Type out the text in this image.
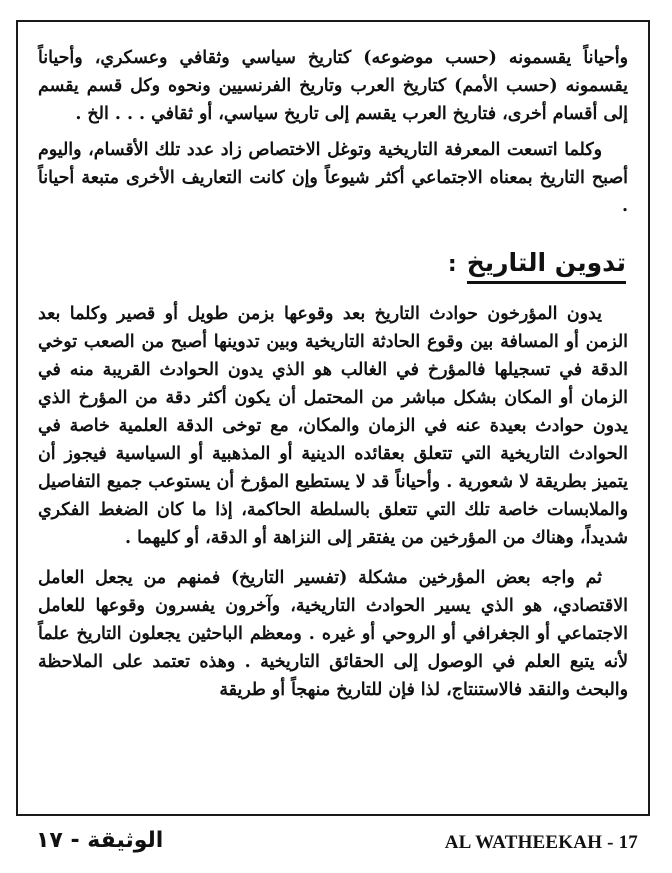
وأحياناً يقسمونه (حسب موضوعه) كتاريخ سياسي وثقافي وعسكري، وأحياناً يقسمونه (حسب الأمم) كتاريخ العرب وتاريخ الفرنسيين ونحوه وكل قسم يقسم إلى أقسام أخرى، فتاريخ العرب يقسم إلى تاريخ سياسي، أو ثقافي . . . الخ .

وكلما اتسعت المعرفة التاريخية وتوغل الاختصاص زاد عدد تلك الأقسام، واليوم أصبح التاريخ بمعناه الاجتماعي أكثر شيوعاً وإن كانت التعاريف الأخرى متبعة أحياناً .

تدوين التاريخ:

يدون المؤرخون حوادث التاريخ بعد وقوعها بزمن طويل أو قصير وكلما بعد الزمن أو المسافة بين وقوع الحادثة التاريخية وبين تدوينها أصبح من الصعب توخي الدقة في تسجيلها فالمؤرخ في الغالب هو الذي يدون الحوادث القريبة منه في الزمان أو المكان بشكل مباشر من المحتمل أن يكون أكثر دقة من المؤرخ الذي يدون حوادث بعيدة عنه في الزمان والمكان، مع توخى الدقة العلمية خاصة في الحوادث التاريخية التي تتعلق بعقائده الدينية أو المذهبية أو السياسية فيجوز أن يتميز بطريقة لا شعورية . وأحياناً قد لا يستطيع المؤرخ أن يستوعب جميع التفاصيل والملابسات خاصة تلك التي تتعلق بالسلطة الحاكمة، إذا ما كان الضغط الفكري شديداً، وهناك من المؤرخين من يفتقر إلى النزاهة أو الدقة، أو كليهما .

ثم واجه بعض المؤرخين مشكلة (تفسير التاريخ) فمنهم من يجعل العامل الاقتصادي، هو الذي يسير الحوادث التاريخية، وآخرون يفسرون وقوعها للعامل الاجتماعي أو الجغرافي أو الروحي أو غيره . ومعظم الباحثين يجعلون التاريخ علماً لأنه يتبع العلم في الوصول إلى الحقائق التاريخية . وهذه تعتمد على الملاحظة والبحث والنقد فالاستنتاج، لذا فإن للتاريخ منهجاً أو طريقة

الوثيقة - ١٧	AL WATHEEKAH - 17
